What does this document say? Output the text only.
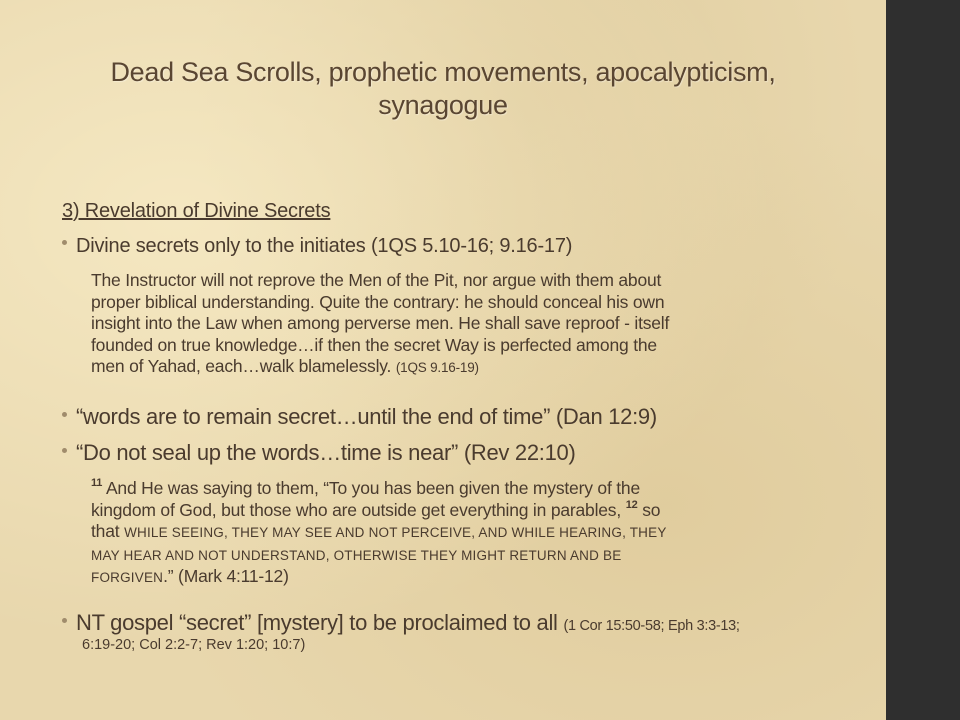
Dead Sea Scrolls, prophetic movements, apocalypticism,
synagogue
3) Revelation of Divine Secrets
Divine secrets only to the initiates (1QS 5.10-16; 9.16-17)
The Instructor will not reprove the Men of the Pit, nor argue with them about
proper biblical understanding. Quite the contrary: he should conceal his own
insight into the Law when among perverse men. He shall save reproof - itself
founded on true knowledge…if then the secret Way is perfected among the
men of Yahad, each…walk blamelessly. (1QS 9.16-19)
“words are to remain secret…until the end of time” (Dan 12:9)
“Do not seal up the words…time is near” (Rev 22:10)
$^{11}$ And He was saying to them, “To you has been given the mystery of the
kingdom of God, but those who are outside get everything in parables, $^{12}$ so
that WHILE SEEING, THEY MAY SEE AND NOT PERCEIVE, AND WHILE HEARING, THEY
MAY HEAR AND NOT UNDERSTAND, OTHERWISE THEY MIGHT RETURN AND BE
FORGIVEN.” (Mark 4:11-12)
NT gospel “secret” [mystery] to be proclaimed to all (1 Cor 15:50-58; Eph 3:3-13;
6:19-20; Col 2:2-7; Rev 1:20; 10:7)
